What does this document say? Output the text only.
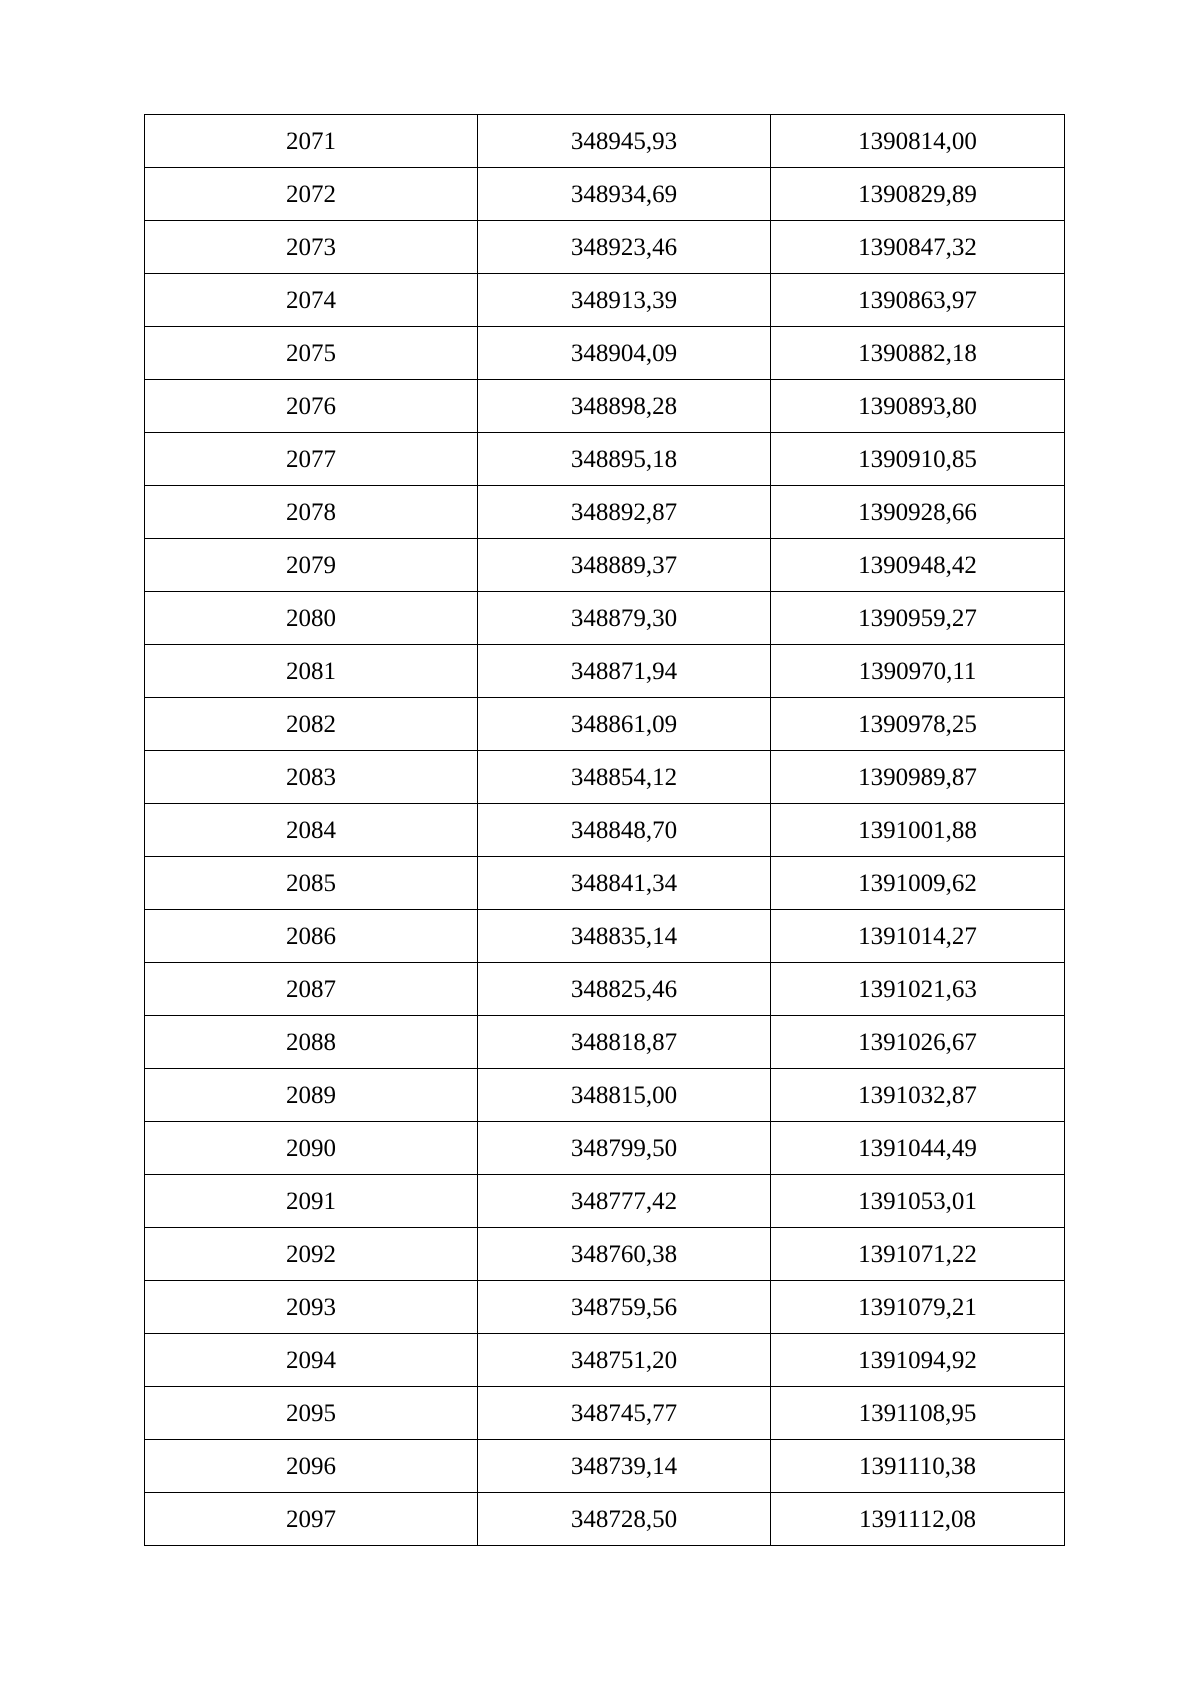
2071	348945,93	1390814,00
2072	348934,69	1390829,89
2073	348923,46	1390847,32
2074	348913,39	1390863,97
2075	348904,09	1390882,18
2076	348898,28	1390893,80
2077	348895,18	1390910,85
2078	348892,87	1390928,66
2079	348889,37	1390948,42
2080	348879,30	1390959,27
2081	348871,94	1390970,11
2082	348861,09	1390978,25
2083	348854,12	1390989,87
2084	348848,70	1391001,88
2085	348841,34	1391009,62
2086	348835,14	1391014,27
2087	348825,46	1391021,63
2088	348818,87	1391026,67
2089	348815,00	1391032,87
2090	348799,50	1391044,49
2091	348777,42	1391053,01
2092	348760,38	1391071,22
2093	348759,56	1391079,21
2094	348751,20	1391094,92
2095	348745,77	1391108,95
2096	348739,14	1391110,38
2097	348728,50	1391112,08
